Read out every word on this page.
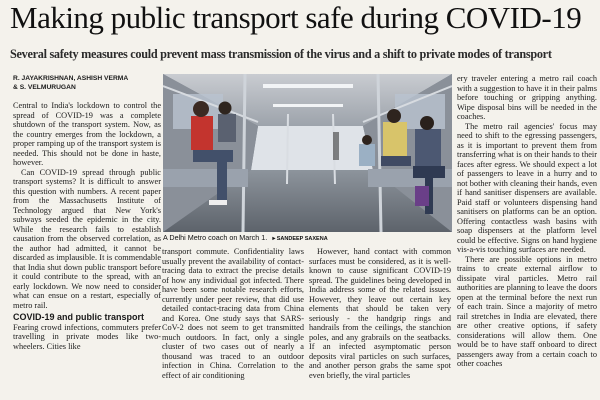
Making public transport safe during COVID-19
Several safety measures could prevent mass transmission of the virus and a shift to private modes of transport
R. JAYAKRISHNAN, ASHISH VERMA
& S. VELMURUGAN

Central to India's lockdown to control the spread of COVID-19 was a complete shutdown of the transport system. Now, as the country emerges from the lockdown, a proper ramping up of the transport system is needed. This should not be done in haste, however.

Can COVID-19 spread through public transport systems? It is difficult to answer this question with numbers. A recent paper from the Massachusetts Institute of Technology argued that New York's subways seeded the epidemic in the city. While the research fails to establish causation from the observed correlation, as the author had admitted, it cannot be discarded as implausible. It is commendable that India shut down public transport before it could contribute to the spread, with an early lockdown. We now need to consider what can ensue on a restart, especially of metro rail.

COVID-19 and public transport

Fearing crowd infections, commuters prefer travelling in private modes like two-wheelers. Cities like

A Delhi Metro coach on March 1. ►SANDEEP SAXENA

transport commute. Confidentiality laws usually prevent the availability of contact-tracing data to extract the precise details of how any individual got infected. There have been some notable research efforts, currently under peer review, that did use detailed contact-tracing data from China and Korea. One study says that SARS-CoV-2 does not seem to get transmitted much outdoors. In fact, only a single cluster of two cases out of nearly a thousand was traced to an outdoor infection in China. Correlation to the effect of air conditioning

However, hand contact with common surfaces must be considered, as it is well-known to cause significant COVID-19 spread. The guidelines being developed in India address some of the related issues. However, they leave out certain key elements that should be taken very seriously - the handgrip rings and handrails from the ceilings, the stanchion poles, and any grabrails on the seatbacks. If an infected asymptomatic person deposits viral particles on such surfaces, and another person grabs the same spot even briefly, the viral particles

ery traveler entering a metro rail coach with a suggestion to have it in their palms before touching or gripping anything. Wipe disposal bins will be needed in the coaches.

The metro rail agencies' focus may need to shift to the egressing passengers, as it is important to prevent them from transferring what is on their hands to their faces after egress. We should expect a lot of passengers to leave in a hurry and to not bother with cleaning their hands, even if hand sanitiser dispensers are available. Paid staff or volunteers dispensing hand sanitisers on platforms can be an option. Offering contactless wash basins with soap dispensers at the platform level could be effective. Signs on hand hygiene vis-a-vis touching surfaces are needed.

There are possible options in metro trains to create external airflow to dissipate viral particles. Metro rail authorities are planning to leave the doors open at the terminal before the next run of each train. Since a majority of metro rail stretches in India are elevated, there are other creative options, if safety considerations will allow them. One would be to have staff onboard to direct passengers away from a certain coach to other coaches
